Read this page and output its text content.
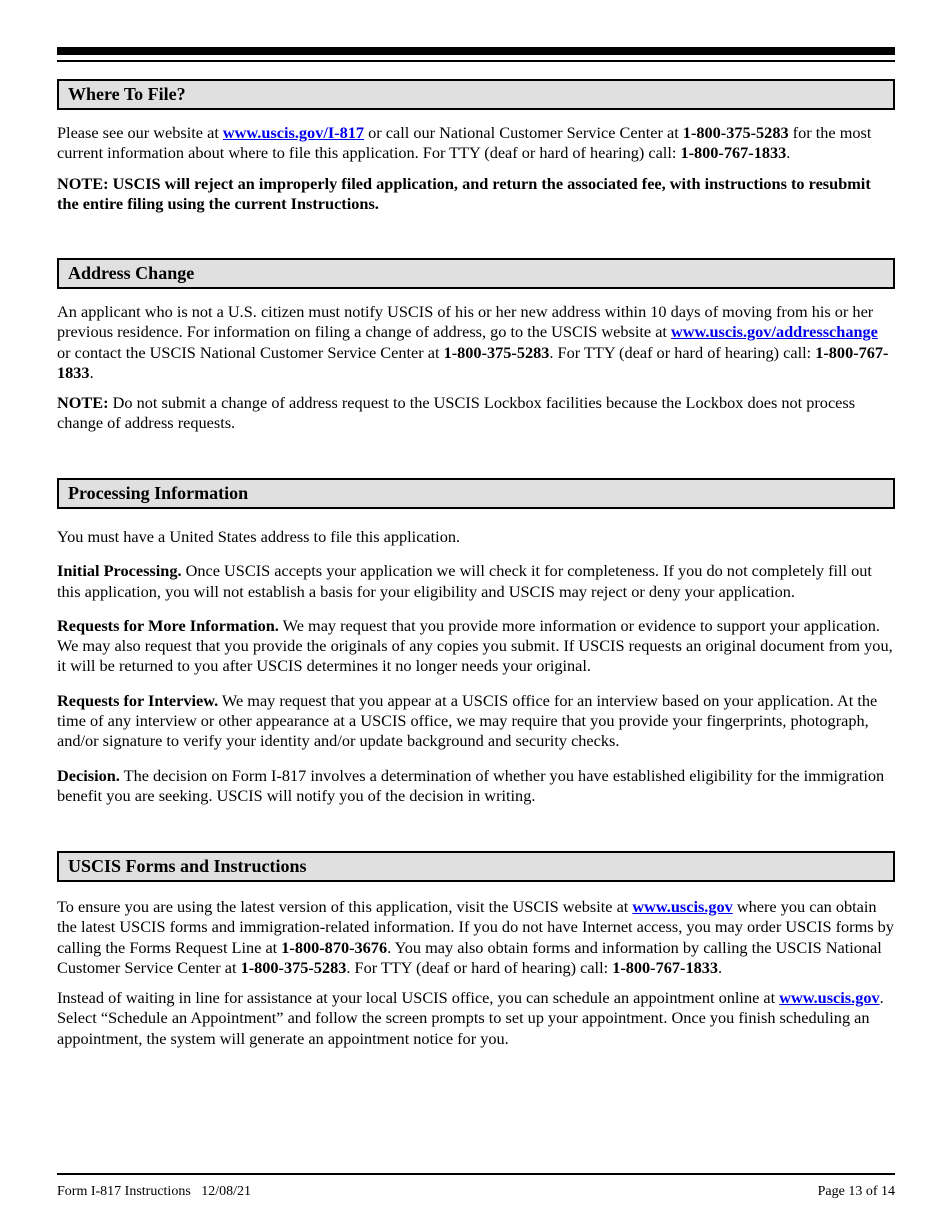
Where To File?

Please see our website at www.uscis.gov/I-817 or call our National Customer Service Center at 1-800-375-5283 for the most current information about where to file this application. For TTY (deaf or hard of hearing) call: 1-800-767-1833.

NOTE: USCIS will reject an improperly filed application, and return the associated fee, with instructions to resubmit the entire filing using the current Instructions.

Address Change

An applicant who is not a U.S. citizen must notify USCIS of his or her new address within 10 days of moving from his or her previous residence. For information on filing a change of address, go to the USCIS website at www.uscis.gov/addresschange or contact the USCIS National Customer Service Center at 1-800-375-5283. For TTY (deaf or hard of hearing) call: 1-800-767-1833.

NOTE: Do not submit a change of address request to the USCIS Lockbox facilities because the Lockbox does not process change of address requests.

Processing Information

You must have a United States address to file this application.

Initial Processing. Once USCIS accepts your application we will check it for completeness. If you do not completely fill out this application, you will not establish a basis for your eligibility and USCIS may reject or deny your application.

Requests for More Information. We may request that you provide more information or evidence to support your application. We may also request that you provide the originals of any copies you submit. If USCIS requests an original document from you, it will be returned to you after USCIS determines it no longer needs your original.

Requests for Interview. We may request that you appear at a USCIS office for an interview based on your application. At the time of any interview or other appearance at a USCIS office, we may require that you provide your fingerprints, photograph, and/or signature to verify your identity and/or update background and security checks.

Decision. The decision on Form I-817 involves a determination of whether you have established eligibility for the immigration benefit you are seeking. USCIS will notify you of the decision in writing.

USCIS Forms and Instructions

To ensure you are using the latest version of this application, visit the USCIS website at www.uscis.gov where you can obtain the latest USCIS forms and immigration-related information. If you do not have Internet access, you may order USCIS forms by calling the Forms Request Line at 1-800-870-3676. You may also obtain forms and information by calling the USCIS National Customer Service Center at 1-800-375-5283. For TTY (deaf or hard of hearing) call: 1-800-767-1833.

Instead of waiting in line for assistance at your local USCIS office, you can schedule an appointment online at www.uscis.gov. Select “Schedule an Appointment” and follow the screen prompts to set up your appointment. Once you finish scheduling an appointment, the system will generate an appointment notice for you.

Form I-817 Instructions   12/08/21	Page 13 of 14
